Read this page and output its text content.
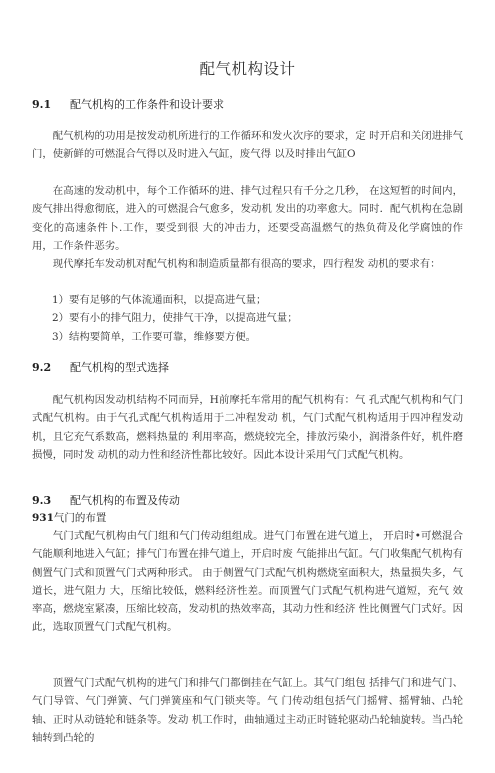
配气机构设计
9.1 配气机构的工作条件和设计要求

配气机构的功用是按发动机所进行的工作循环和发火次序的要求，定 时开启和关闭进排气门，使新鲜的可燃混合气得以及时进入气缸，废气得 以及时排出气缸O

在高速的发动机中，每个工作循环的进、排气过程只有千分之几秒， 在这短暂的时间内，废气排出得愈彻底，进入的可燃混合气愈多，发动机 发出的功率愈大。同时．配气机构在急剧变化的高速条件卜.工作，要受到很 大的冲击力，还要受高温燃气的热负荷及化学腐蚀的作用，工作条件恶劣。

现代摩托车发动机对配气机构和制造质量都有很高的要求，四行程发 动机的要求有：

1）要有足够的气体流通面积，以提高进气量；
2）要有小的排气阻力，使排气干净，以提高进气量；
3）结构要简单，工作要可靠，维修要方便。
9.2 配气机构的型式选择

配气机构因发动机结构不同而异，H前摩托车常用的配气机构有：气 孔式配气机构和气门式配气机构。由于气孔式配气机构适用于二冲程发动 机，气门式配气机构适用于四冲程发动机，且它充气系数高，燃料热量的 利用率高，燃烧较完全，排放污染小，润滑条件好，机件磨损慢，同时发 动机的动力性和经济性都比较好。因此本设计采用气门式配气机构。

9.3 配气机构的布置及传动
931气门的布置

气门式配气机构由气门组和气门传动组组成。进气门布置在进气道上， 开启时•可燃混合气能顺利地进入气缸；排气门布置在排气道上，开启时废 气能排出气缸。气门收集配气机构有侧置气门式和顶置气门式两种形式。 由于侧置气门式配气机构燃烧室面积大，热量损失多，气道长，进气阻力 大，压缩比较低，燃料经济性差。而顶置气门式配气机构进气道短，充气 效率高，燃烧室紧凑，压缩比较高，发动机的热效率高，其动力性和经济 性比侧置气门式好。因此，选取顶置气门式配气机构。

顶置气门式配气机构的进气门和排气门都倒挂在气缸上。其气门组包 括排气门和进气门、气门导管、气门弹簧、气门弹簧座和气门锁夹等。气 门传动组包括气门摇臂、摇臂轴、凸轮轴、正时从动链轮和链条等。发动 机工作时，曲轴通过主动正时链轮驱动凸轮轴旋转。当凸轮轴转到凸轮的
